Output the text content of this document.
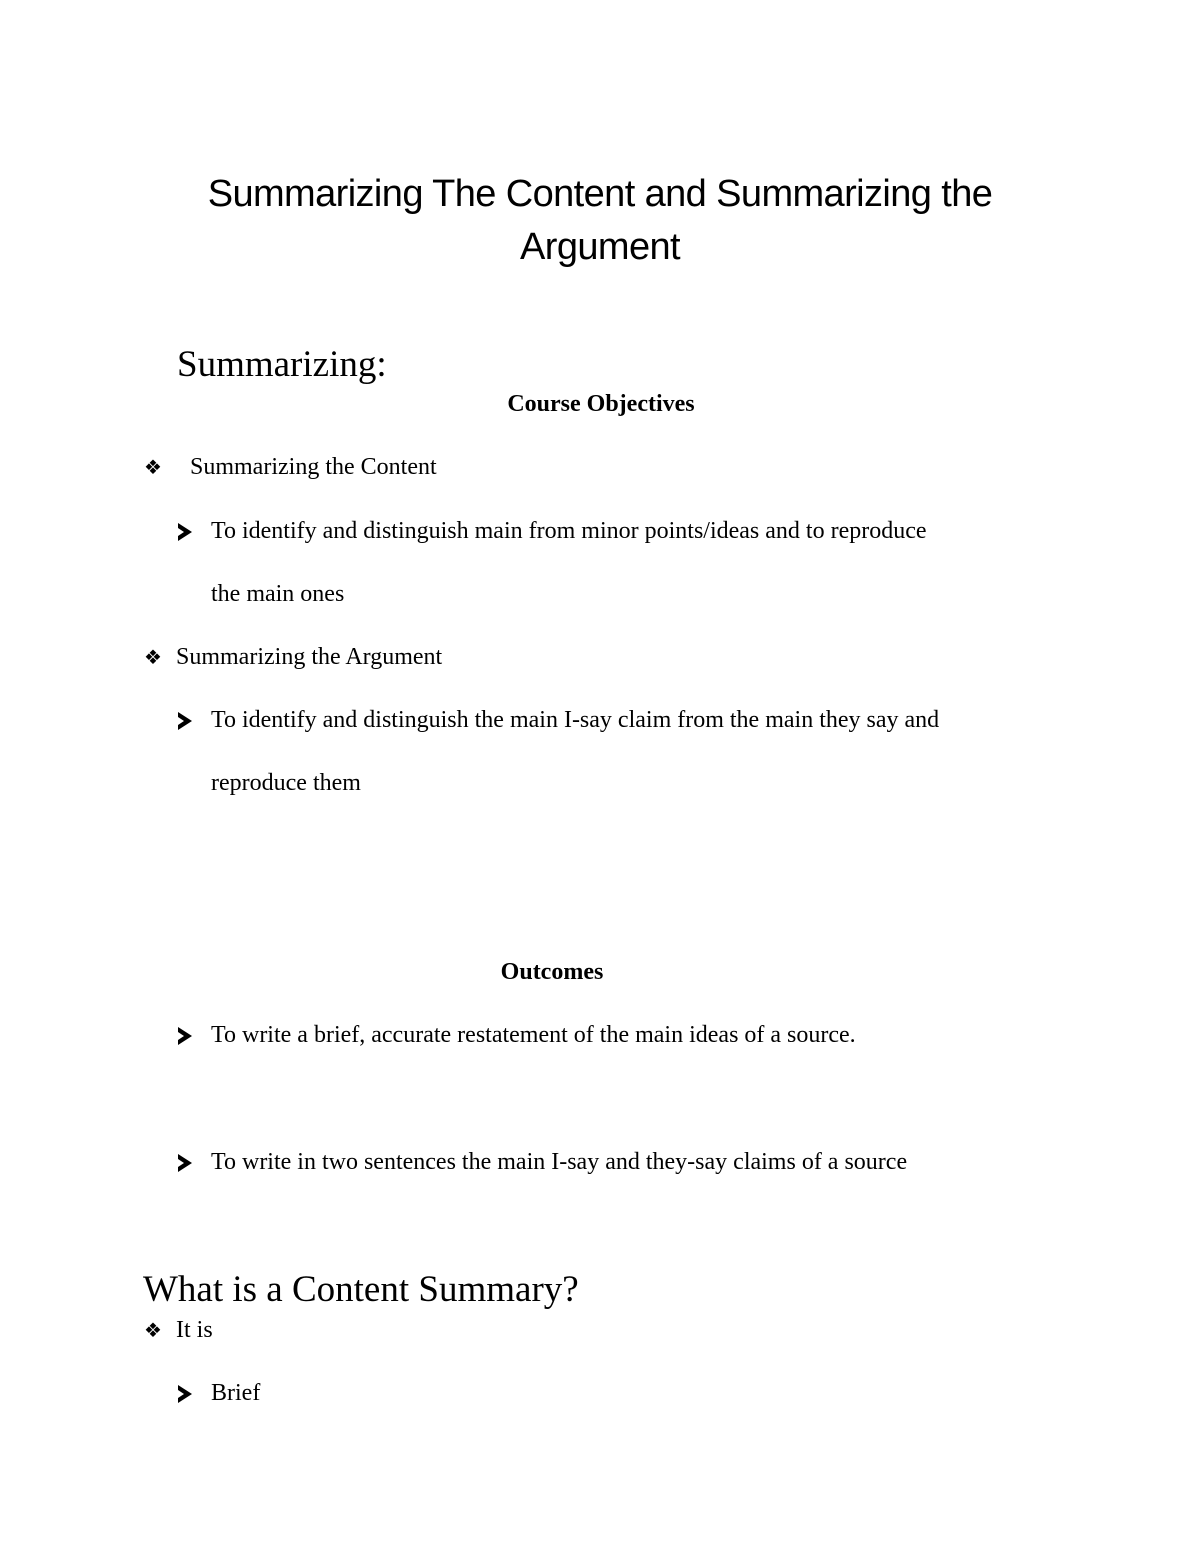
Summarizing The Content and Summarizing the
Argument
Summarizing:
Course Objectives
❖ Summarizing the Content
To identify and distinguish main from minor points/ideas and to reproduce
the main ones
❖ Summarizing the Argument
To identify and distinguish the main I-say claim from the main they say and
reproduce them
Outcomes
To write a brief, accurate restatement of the main ideas of a source.
To write in two sentences the main I-say and they-say claims of a source
What is a Content Summary?
❖ It is
Brief
